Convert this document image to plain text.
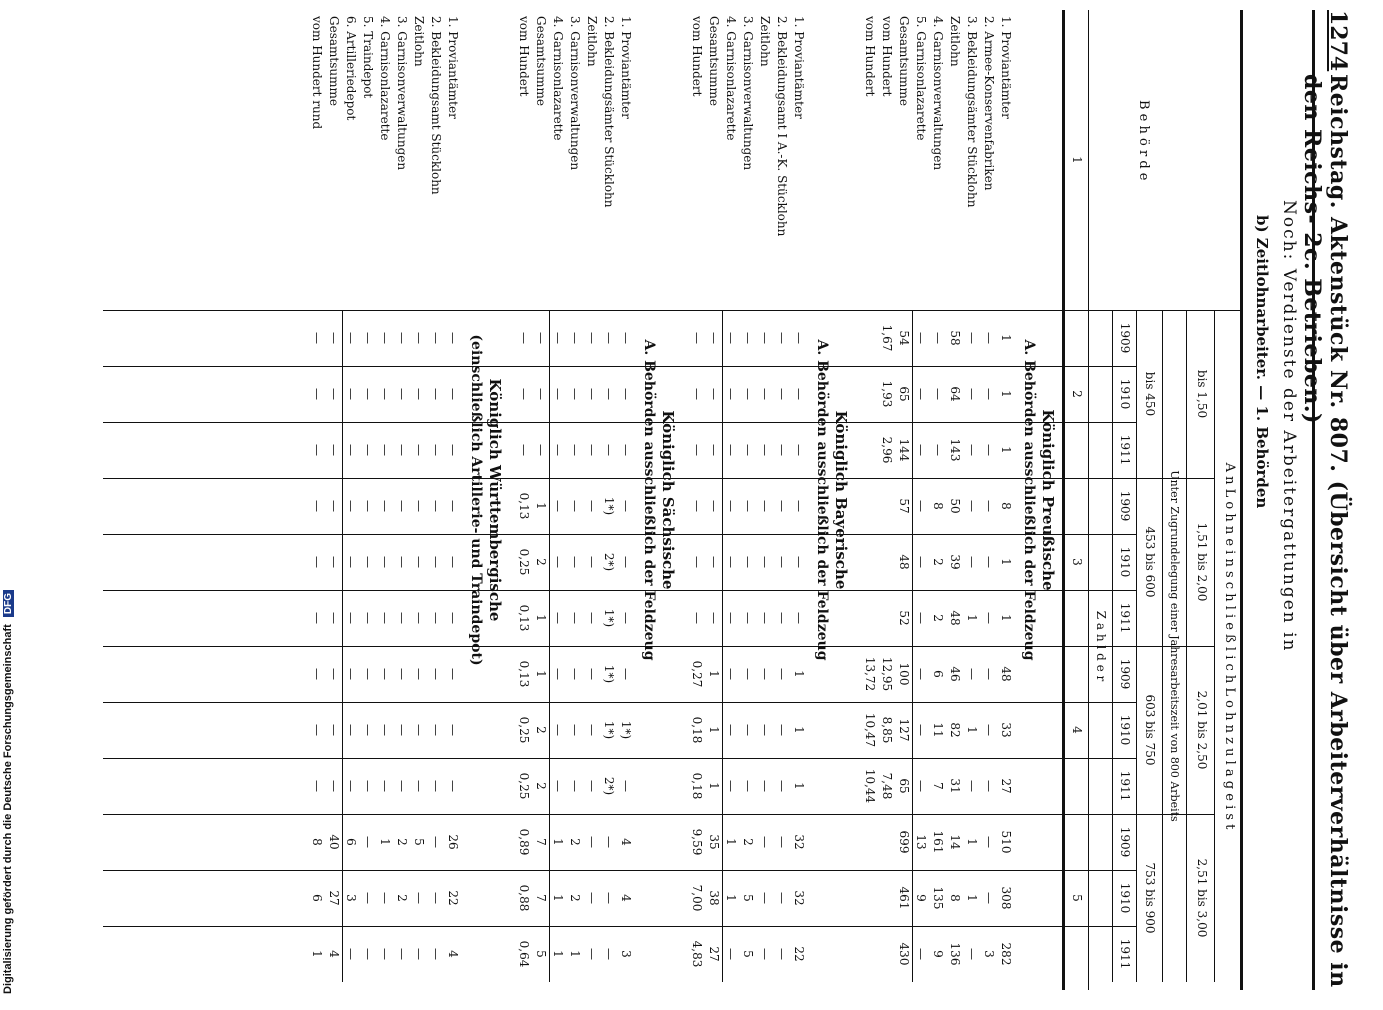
1274
Reichstag. Aktenstück Nr. 807. (Übersicht über Arbeiterverhältnisse in den Reichs- 2c. Betrieben.)
Noch: Verdienste der Arbeitergattungen in
b) Zeitlohnarbeiter. — 1. Behörden
B e h ö r d e
A n L o h n e i n s c h l i e ß l i c h L o h n z u l a g e i s t
bis 1,50
1,51 bis 2,00
2,01 bis 2,50
2,51 bis 3,00
Unter Zugrundelegung einer Jahresarbeitszeit von 800 Arbeits
bis 450
453 bis 600
603 bis 750
753 bis 900
1909
1910
1911
1909
1910
1911
1909
1910
1911
1909
1910
1911
Z a h l d e r
1
2
3
4
5
Königlich Preußische
A. Behörden ausschließlich der Feldzeug
1. Proviantämter
1
1
1
8
1
1
48
33
27
510
308
282
2. Armee-Konservenfabriken
—
—
—
—
—
—
—
—
—
—
—
3
3. Bekleidungsämter Stücklohn
—
—
—
—
—
1
—
1
—
1
1
—
Zeitlohn
58
64
143
50
39
48
46
82
31
14
8
136
4. Garnisonverwaltungen
—
—
—
8
2
2
6
11
7
161
135
9
5. Garnisonlazarette
—
—
—
—
—
—
—
—
—
13
9
—
Gesamtsumme
54
65
144
57
48
52
100
127
65
699
461
430
vom Hundert
1,67
1,93
2,96
12,95
8,85
7,48
vom Hundert
13,72
10,47
10,44
Königlich Bayerische
A. Behörden ausschließlich der Feldzeug
1. Proviantämter
—
—
—
—
—
—
1
1
1
32
32
22
2. Bekleidungsamt I A.-K. Stücklohn
—
—
—
—
—
—
—
—
—
—
—
—
Zeitlohn
—
—
—
—
—
—
—
—
—
—
—
—
3. Garnisonverwaltungen
—
—
—
—
—
—
—
—
—
2
5
5
4. Garnisonlazarette
—
—
—
—
—
—
—
—
—
1
1
—
Gesamtsumme
—
—
—
—
—
—
1
1
1
35
38
27
vom Hundert
—
—
—
—
—
—
0,27
0,18
0,18
9,59
7,00
4,83
Königlich Sächsische
A. Behörden ausschließlich der Feldzeug
1. Proviantämter
—
—
—
—
—
—
—
1*)
—
4
4
3
2. Bekleidungsämter Stücklohn
—
—
—
1*)
2*)
1*)
1*)
1*)
2*)
—
—
—
Zeitlohn
—
—
—
—
—
—
—
—
—
—
—
—
3. Garnisonverwaltungen
—
—
—
—
—
—
—
—
—
2
2
1
4. Garnisonlazarette
—
—
—
—
—
—
—
—
—
1
1
1
Gesamtsumme
—
—
—
1
2
1
1
2
2
7
7
5
vom Hundert
—
—
—
0,13
0,25
0,13
0,13
0,25
0,25
0,89
0,88
0,64
Königlich Württembergische
(einschließlich Artillerie- und Traindepot)
1. Proviantämter
—
—
—
—
—
—
—
—
—
26
22
4
2. Bekleidungsamt Stücklohn
—
—
—
—
—
—
—
—
—
—
—
—
Zeitlohn
—
—
—
—
—
—
—
—
—
5
—
—
3. Garnisonverwaltungen
—
—
—
—
—
—
—
—
—
2
2
—
4. Garnisonlazarette
—
—
—
—
—
—
—
—
—
1
—
—
5. Traindepot
—
—
—
—
—
—
—
—
—
—
—
—
6. Artilleriedepot
—
—
—
—
—
—
—
—
—
6
3
—
Gesamtsumme
—
—
—
—
—
—
—
—
—
40
27
4
vom Hundert rund
—
—
—
—
—
—
—
—
—
8
6
1
Digitalisierung gefördert durch die Deutsche Forschungsgemeinschaft DFG
